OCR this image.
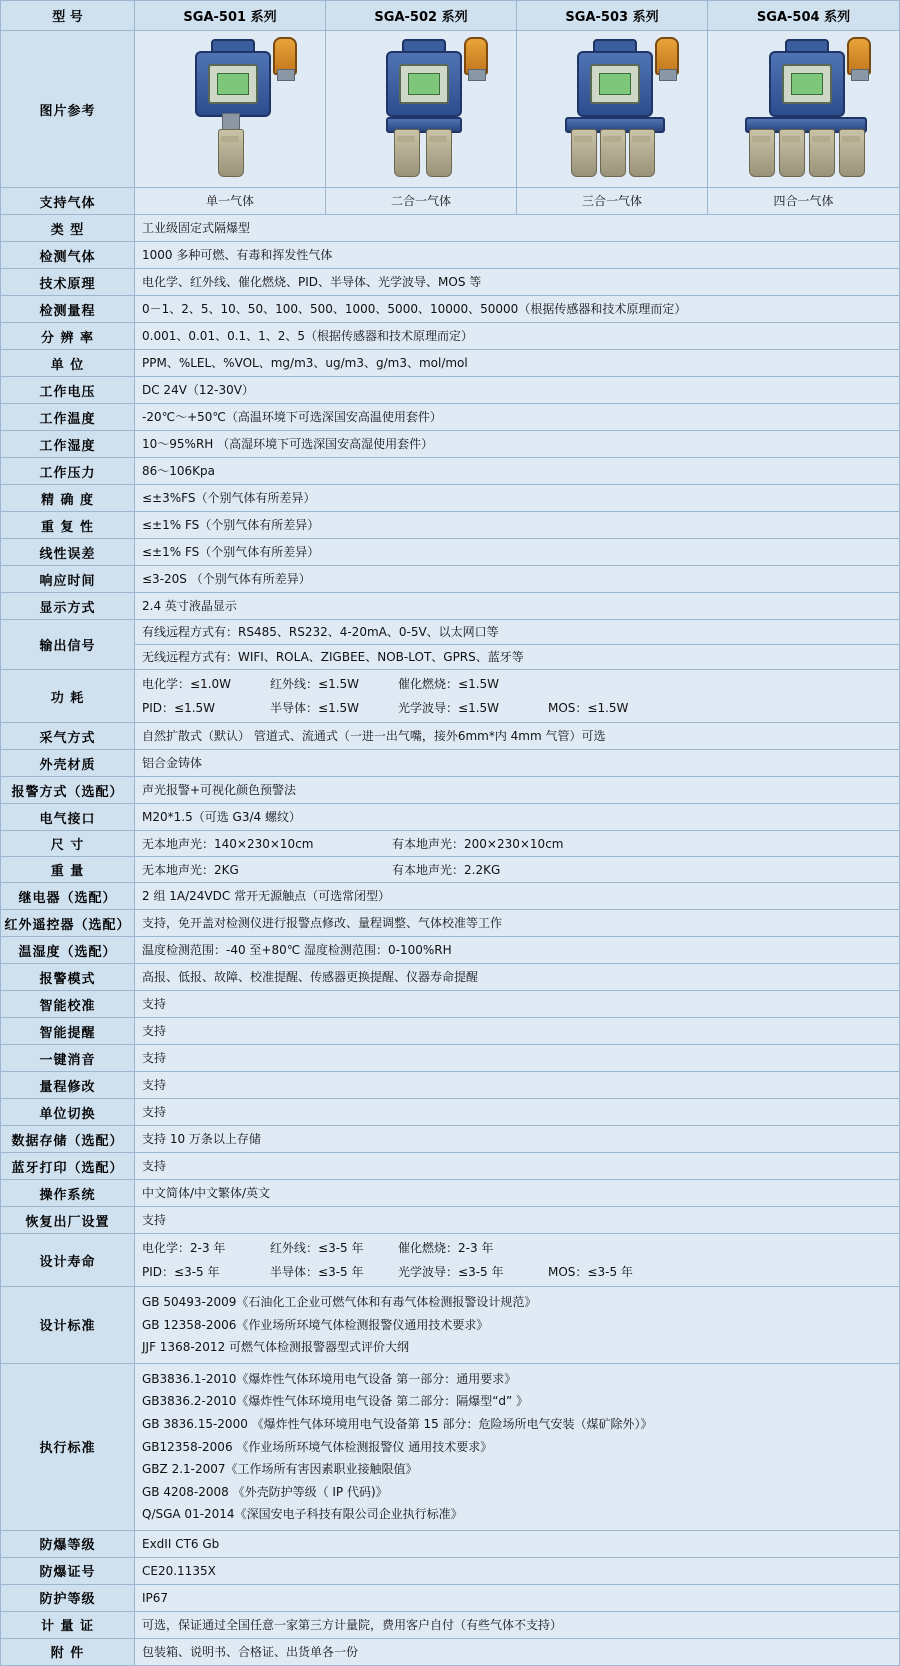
型 号	SGA-501 系列	SGA-502 系列	SGA-503 系列	SGA-504 系列
图片参考	

支持气体	单一气体	二合一气体	三合一气体	四合一气体
类 型	工业级固定式隔爆型			
检测气体	1000 多种可燃、有毒和挥发性气体			
技术原理	电化学、红外线、催化燃烧、PID、半导体、光学波导、MOS 等			
检测量程	0－1、2、5、10、50、100、500、1000、5000、10000、50000（根据传感器和技术原理而定）			
分 辨 率	0.001、0.01、0.1、1、2、5（根据传感器和技术原理而定）			
单 位	PPM、%LEL、%VOL、mg/m3、ug/m3、g/m3、mol/mol			
工作电压	DC 24V（12-30V）			
工作温度	-20℃～+50℃（高温环境下可选深国安高温使用套件）			
工作湿度	10～95%RH （高湿环境下可选深国安高湿使用套件）			
工作压力	86～106Kpa			
精 确 度	≤±3%FS（个别气体有所差异）			
重 复 性	≤±1% FS（个别气体有所差异）			
线性误差	≤±1% FS（个别气体有所差异）			
响应时间	≤3-20S （个别气体有所差异）			
显示方式	2.4 英寸液晶显示			
输出信号	有线远程方式有：RS485、RS232、4-20mA、0-5V、以太网口等
无线远程方式有：WIFI、ROLA、ZIGBEE、NOB-LOT、GPRS、蓝牙等			

功 耗	
电化学：≤1.0W	红外线：≤1.5W	催化燃烧：≤1.5W
PID：≤1.5W	半导体：≤1.5W	光学波导：≤1.5W	MOS：≤1.5W

采气方式	自然扩散式（默认） 管道式、流通式（一进一出气嘴，接外6mm*内 4mm 气管）可选			
外壳材质	铝合金铸体			
报警方式（选配）	声光报警+可视化颜色预警法			
电气接口	M20*1.5（可选 G3/4 螺纹）			
尺 寸	无本地声光：140×230×10cm 有本地声光：200×230×10cm			

重 量	无本地声光：2KG 有本地声光：2.2KG			

继电器（选配）	2 组 1A/24VDC 常开无源触点（可选常闭型）			
红外遥控器（选配）	支持，免开盖对检测仪进行报警点修改、量程调整、气体校准等工作			
温湿度（选配）	温度检测范围：-40 至+80℃ 湿度检测范围：0-100%RH			
报警模式	高报、低报、故障、校准提醒、传感器更换提醒、仪器寿命提醒			
智能校准	支持			
智能提醒	支持			
一键消音	支持			
量程修改	支持			
单位切换	支持			
数据存储（选配）	支持 10 万条以上存储			
蓝牙打印（选配）	支持			
操作系统	中文简体/中文繁体/英文			
恢复出厂设置	支持			
设计寿命	
电化学：2-3 年	红外线：≤3-5 年	催化燃烧：2-3 年
PID：≤3-5 年	半导体：≤3-5 年	光学波导：≤3-5 年	MOS：≤3-5 年

设计标准	GB 50493-2009《石油化工企业可燃气体和有毒气体检测报警设计规范》
GB 12358-2006《作业场所环境气体检测报警仪通用技术要求》
JJF 1368-2012 可燃气体检测报警器型式评价大纲			

执行标准	
GB3836.1-2010《爆炸性气体环境用电气设备 第一部分：通用要求》
GB3836.2-2010《爆炸性气体环境用电气设备 第二部分：隔爆型“d” 》
GB 3836.15-2000 《爆炸性气体环境用电气设备第 15 部分：危险场所电气安装（煤矿除外）》
GB12358-2006 《作业场所环境气体检测报警仪 通用技术要求》
GBZ 2.1-2007《工作场所有害因素职业接触限值》
GB 4208-2008 《外壳防护等级（ IP 代码)》
Q/SGA 01-2014《深国安电子科技有限公司企业执行标准》

防爆等级	ExdII CT6 Gb			
防爆证号	CE20.1135X			
防护等级	IP67			
计 量 证	可选，保证通过全国任意一家第三方计量院，费用客户自付（有些气体不支持）			
附 件	包装箱、说明书、合格证、出货单各一份			
